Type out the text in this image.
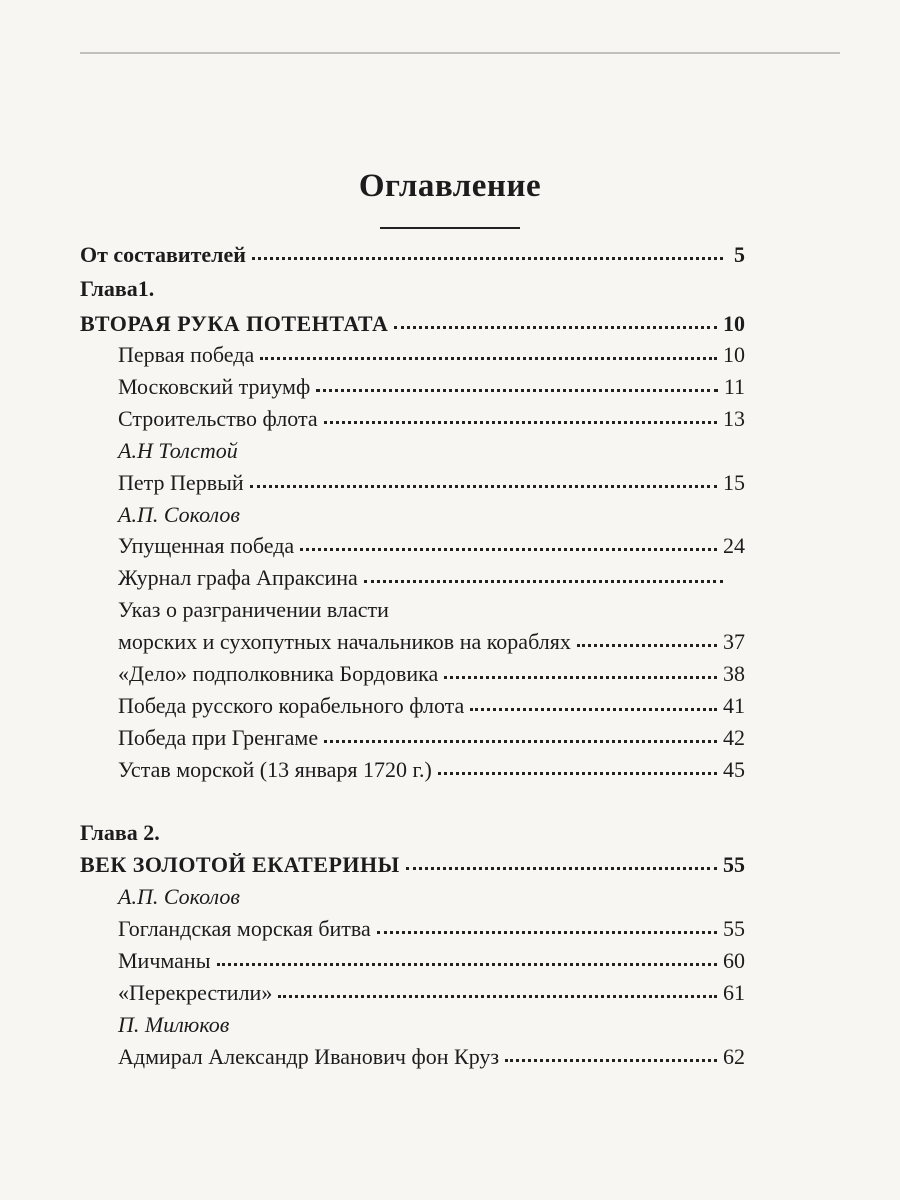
Оглавление
От составителей	5
Глава1.
ВТОРАЯ РУКА ПОТЕНТАТА	10
Первая победа	10
Московский триумф	11
Строительство флота	13
А.Н Толстой
Петр Первый	15
А.П. Соколов
Упущенная победа	24
Журнал графа Апраксина
Указ о разграничении власти
морских и сухопутных начальников на кораблях	37
«Дело» подполковника Бордовика	38
Победа русского корабельного флота	41
Победа при Гренгаме	42
Устав морской (13 января 1720 г.)	45
Глава 2.
ВЕК ЗОЛОТОЙ ЕКАТЕРИНЫ	55
А.П. Соколов
Гогландская морская битва	55
Мичманы	60
«Перекрестили»	61
П. Милюков
Адмирал Александр Иванович фон Круз	62
